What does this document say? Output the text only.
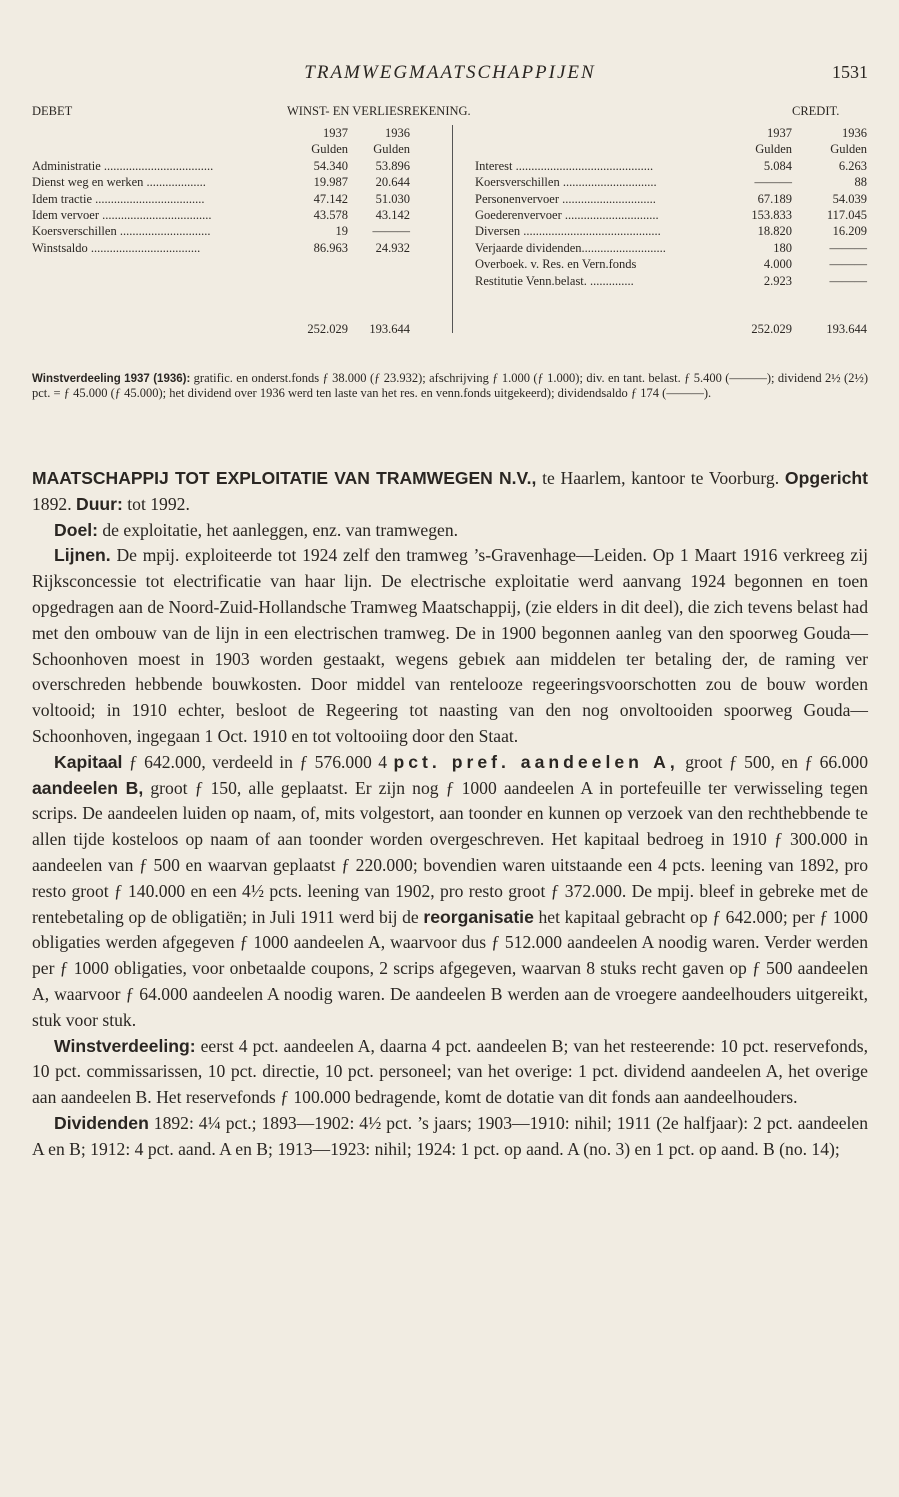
TRAMWEGMAATSCHAPPIJEN	1531
DEBET	WINST- EN VERLIESREKENING.	CREDIT.
1937	1936
Gulden	Gulden
1937	1936
Gulden	Gulden
Administratie ...................................	54.340	53.896
Dienst weg en werken ...................	19.987	20.644
Idem tractie ...................................	47.142	51.030
Idem vervoer ...................................	43.578	43.142
Koersverschillen .............................	19	———
Winstsaldo ...................................	86.963	24.932
Interest ............................................	5.084	6.263
Koersverschillen ..............................	———	88
Personenvervoer ..............................	67.189	54.039
Goederenvervoer ..............................	153.833	117.045
Diversen ............................................	18.820	16.209
Verjaarde dividenden...........................	180	———
Overboek. v. Res. en Vern.fonds	4.000	———
Restitutie Venn.belast. ..............	2.923	———
252.029	193.644	252.029	193.644
Winstverdeeling 1937 (1936): gratific. en onderst.fonds ƒ 38.000 (ƒ 23.932); afschrijving ƒ 1.000 (ƒ 1.000); div. en tant. belast. ƒ 5.400 (———); dividend 2½ (2½) pct. = ƒ 45.000 (ƒ 45.000); het dividend over 1936 werd ten laste van het res. en venn.fonds uitgekeerd); dividendsaldo ƒ 174 (———).

MAATSCHAPPIJ TOT EXPLOITATIE VAN TRAMWEGEN N.V., te Haarlem, kantoor te Voorburg. Opgericht 1892. Duur: tot 1992.

Doel: de exploitatie, het aanleggen, enz. van tramwegen.

Lijnen. De mpij. exploiteerde tot 1924 zelf den tramweg ’s-Gravenhage—Leiden. Op 1 Maart 1916 verkreeg zij Rijksconcessie tot electrificatie van haar lijn. De electrische exploitatie werd aanvang 1924 begonnen en toen opgedragen aan de Noord-Zuid-Hollandsche Tramweg Maatschappij, (zie elders in dit deel), die zich tevens belast had met den ombouw van de lijn in een electrischen tramweg. De in 1900 begonnen aanleg van den spoorweg Gouda—Schoonhoven moest in 1903 worden gestaakt, wegens gebıek aan middelen ter betaling der, de raming ver overschreden hebbende bouwkosten. Door middel van rentelooze regeeringsvoorschotten zou de bouw worden voltooid; in 1910 echter, besloot de Regeering tot naasting van den nog onvoltooiden spoorweg Gouda—Schoonhoven, ingegaan 1 Oct. 1910 en tot voltooiing door den Staat.

Kapitaal ƒ 642.000, verdeeld in ƒ 576.000 4 pct. pref. aandeelen A, groot ƒ 500, en ƒ 66.000 aandeelen B, groot ƒ 150, alle geplaatst. Er zijn nog ƒ 1000 aandeelen A in portefeuille ter verwisseling tegen scrips. De aandeelen luiden op naam, of, mits volgestort, aan toonder en kunnen op verzoek van den rechthebbende te allen tijde kosteloos op naam of aan toonder worden overgeschreven. Het kapitaal bedroeg in 1910 ƒ 300.000 in aandeelen van ƒ 500 en waarvan geplaatst ƒ 220.000; bovendien waren uitstaande een 4 pcts. leening van 1892, pro resto groot ƒ 140.000 en een 4½ pcts. leening van 1902, pro resto groot ƒ 372.000. De mpij. bleef in gebreke met de rentebetaling op de obligatiën; in Juli 1911 werd bij de reorganisatie het kapitaal gebracht op ƒ 642.000; per ƒ 1000 obligaties werden afgegeven ƒ 1000 aandeelen A, waarvoor dus ƒ 512.000 aandeelen A noodig waren. Verder werden per ƒ 1000 obligaties, voor onbetaalde coupons, 2 scrips afgegeven, waarvan 8 stuks recht gaven op ƒ 500 aandeelen A, waarvoor ƒ 64.000 aandeelen A noodig waren. De aandeelen B werden aan de vroegere aandeelhouders uitgereikt, stuk voor stuk.

Winstverdeeling: eerst 4 pct. aandeelen A, daarna 4 pct. aandeelen B; van het resteerende: 10 pct. reservefonds, 10 pct. commissarissen, 10 pct. directie, 10 pct. personeel; van het overige: 1 pct. dividend aandeelen A, het overige aan aandeelen B. Het reservefonds ƒ 100.000 bedragende, komt de dotatie van dit fonds aan aandeelhouders.

Dividenden 1892: 4¼ pct.; 1893—1902: 4½ pct. ’s jaars; 1903—1910: nihil; 1911 (2e halfjaar): 2 pct. aandeelen A en B; 1912: 4 pct. aand. A en B; 1913—1923: nihil; 1924: 1 pct. op aand. A (no. 3) en 1 pct. op aand. B (no. 14);
